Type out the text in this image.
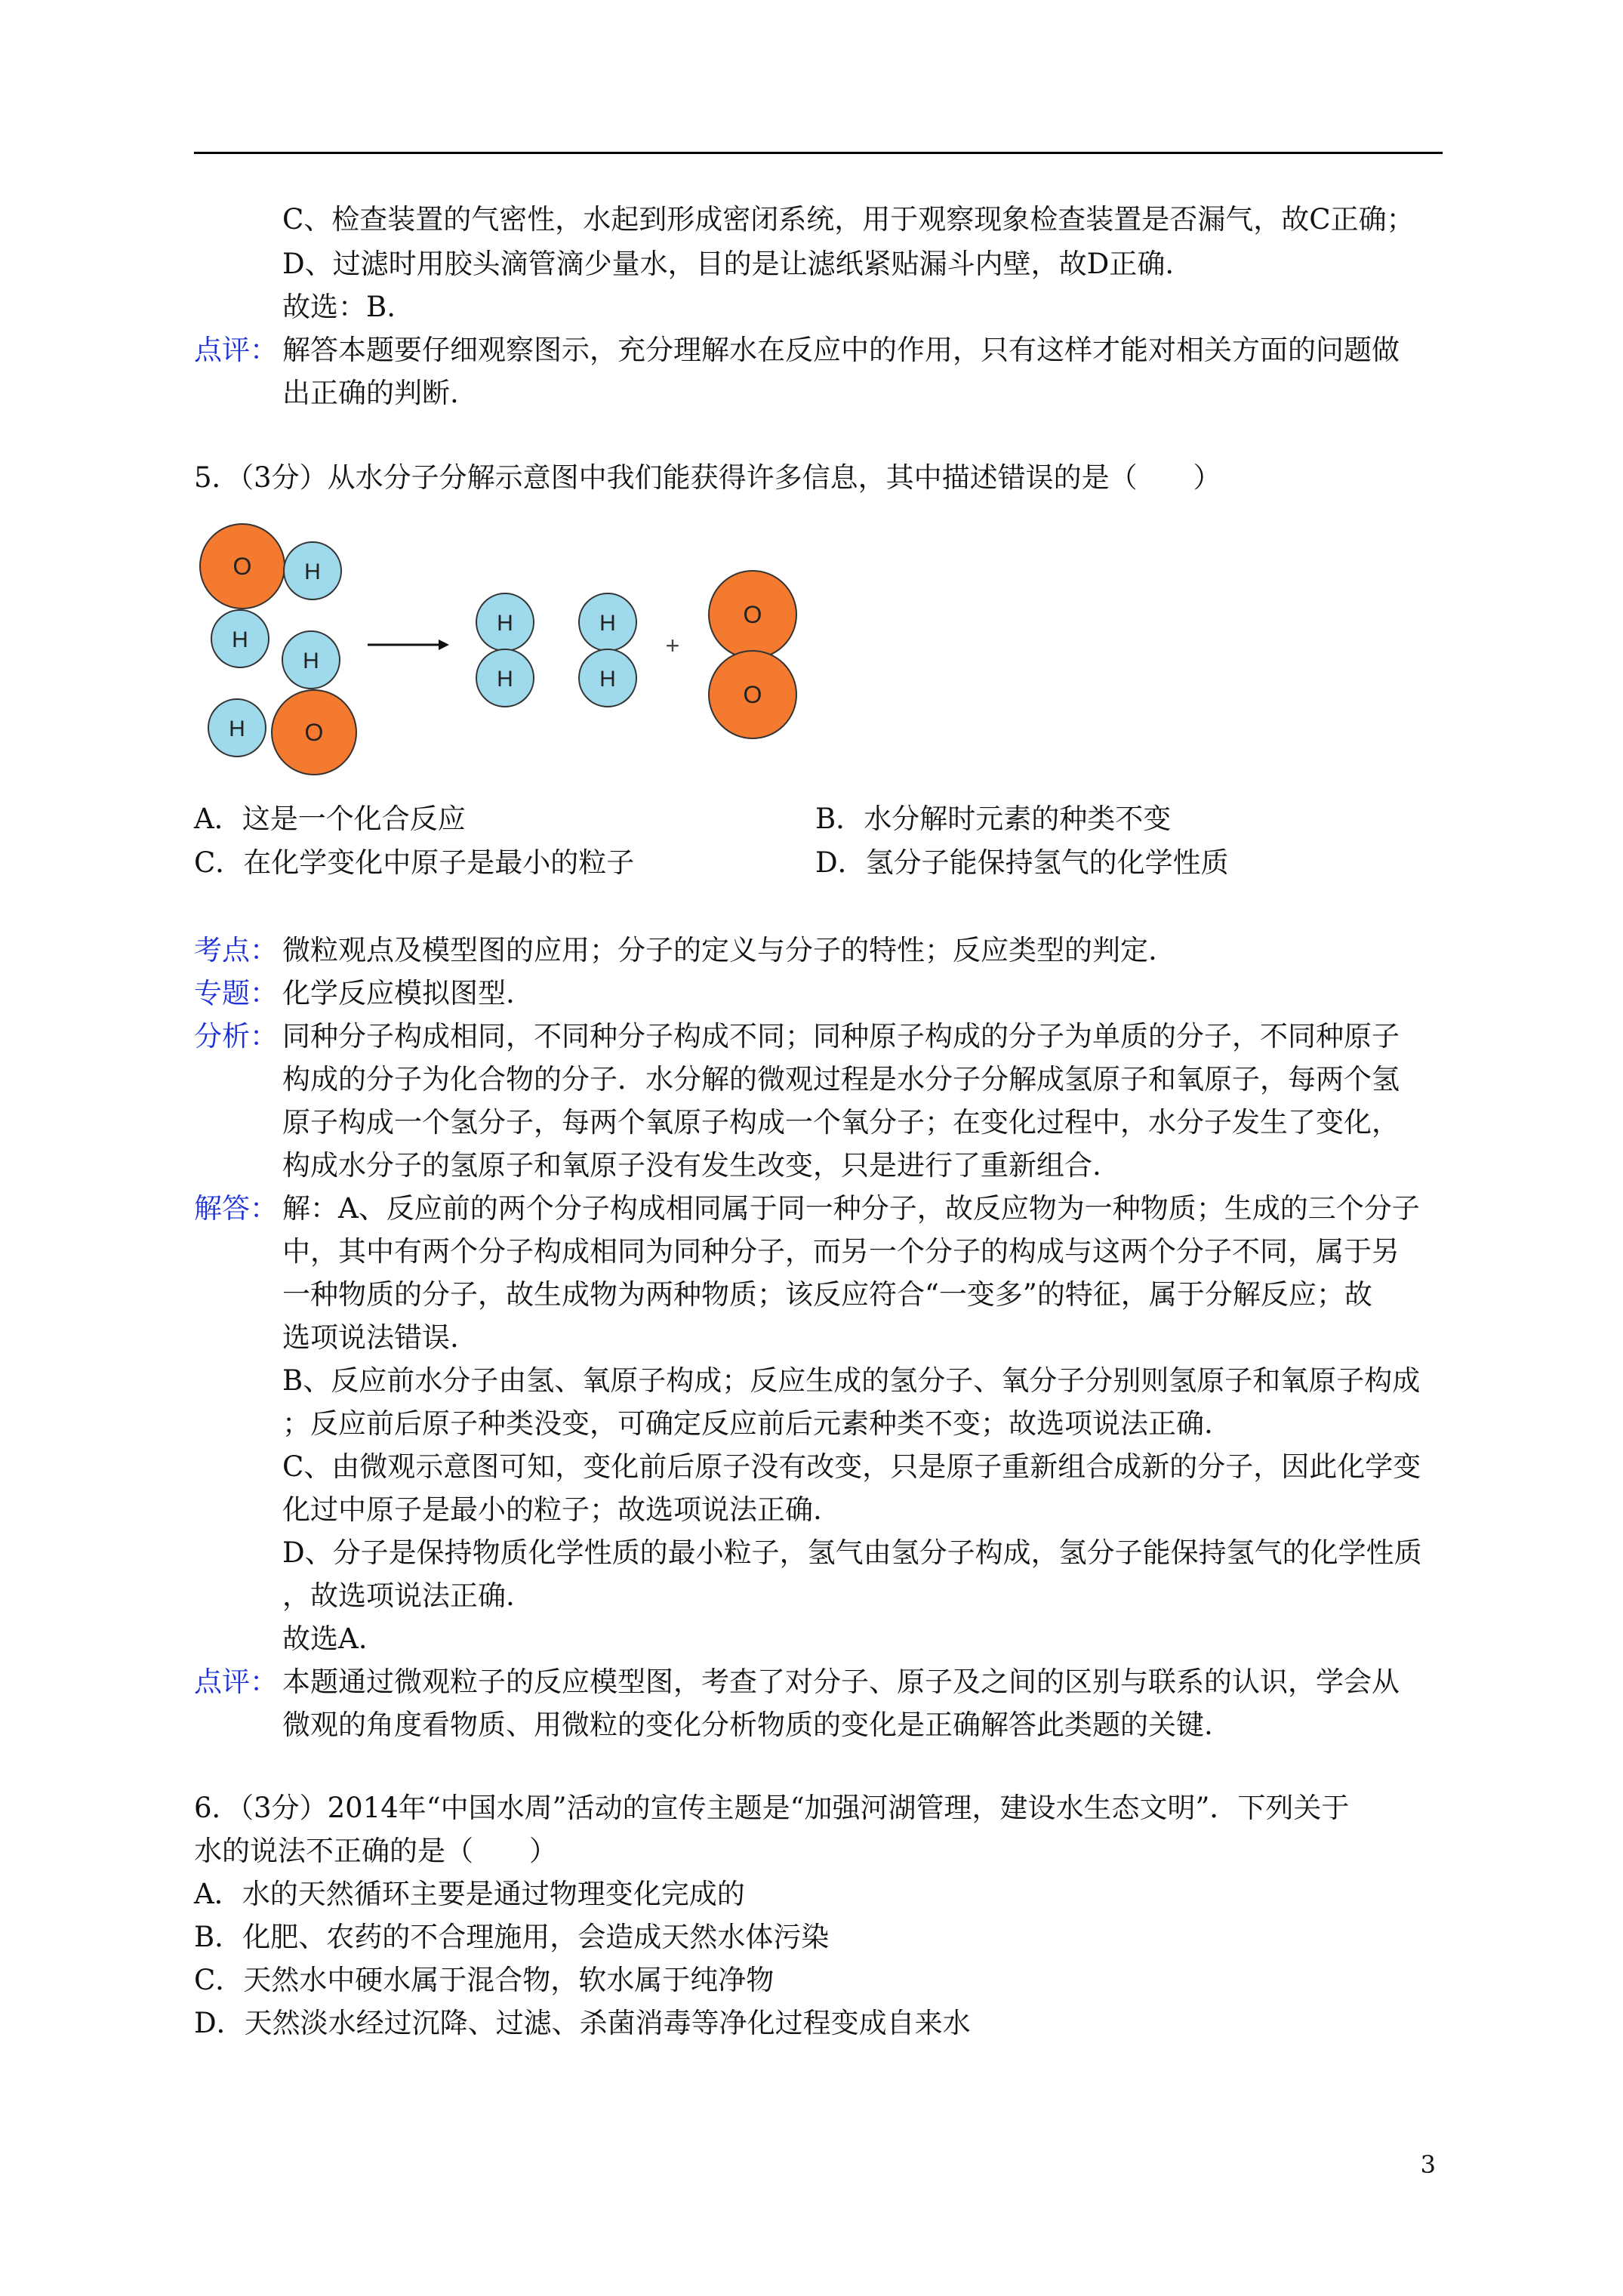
C、检查装置的气密性，水起到形成密闭系统，用于观察现象检查装置是否漏气，故C正确；
D、过滤时用胶头滴管滴少量水，目的是让滤纸紧贴漏斗内壁，故D正确.
故选：B.
点评： 解答本题要仔细观察图示，充分理解水在反应中的作用，只有这样才能对相关方面的问题做
出正确的判断.
5．（3分）从水分子分解示意图中我们能获得许多信息，其中描述错误的是（　　）
O H
H
O
H
H
H
H
H
H
+
O
O
A．这是一个化合反应	B．水分解时元素的种类不变
C．在化学变化中原子是最小的粒子	D．氢分子能保持氢气的化学性质
考点： 微粒观点及模型图的应用；分子的定义与分子的特性；反应类型的判定.
专题： 化学反应模拟图型.
分析： 同种分子构成相同，不同种分子构成不同；同种原子构成的分子为单质的分子，不同种原子
构成的分子为化合物的分子．水分解的微观过程是水分子分解成氢原子和氧原子，每两个氢
原子构成一个氢分子，每两个氧原子构成一个氧分子；在变化过程中，水分子发生了变化，
构成水分子的氢原子和氧原子没有发生改变，只是进行了重新组合.
解答： 解：A、反应前的两个分子构成相同属于同一种分子，故反应物为一种物质；生成的三个分子
中，其中有两个分子构成相同为同种分子，而另一个分子的构成与这两个分子不同，属于另
一种物质的分子，故生成物为两种物质；该反应符合“一变多”的特征，属于分解反应；故
选项说法错误.
B、反应前水分子由氢、氧原子构成；反应生成的氢分子、氧分子分别则氢原子和氧原子构成
；反应前后原子种类没变，可确定反应前后元素种类不变；故选项说法正确.
C、由微观示意图可知，变化前后原子没有改变，只是原子重新组合成新的分子，因此化学变
化过中原子是最小的粒子；故选项说法正确.
D、分子是保持物质化学性质的最小粒子，氢气由氢分子构成，氢分子能保持氢气的化学性质
，故选项说法正确.
故选A.
点评： 本题通过微观粒子的反应模型图，考查了对分子、原子及之间的区别与联系的认识，学会从
微观的角度看物质、用微粒的变化分析物质的变化是正确解答此类题的关键.
6．（3分）2014年“中国水周”活动的宣传主题是“加强河湖管理，建设水生态文明”．下列关于
水的说法不正确的是（　　）
A．水的天然循环主要是通过物理变化完成的
B．化肥、农药的不合理施用，会造成天然水体污染
C．天然水中硬水属于混合物，软水属于纯净物
D．天然淡水经过沉降、过滤、杀菌消毒等净化过程变成自来水
3
